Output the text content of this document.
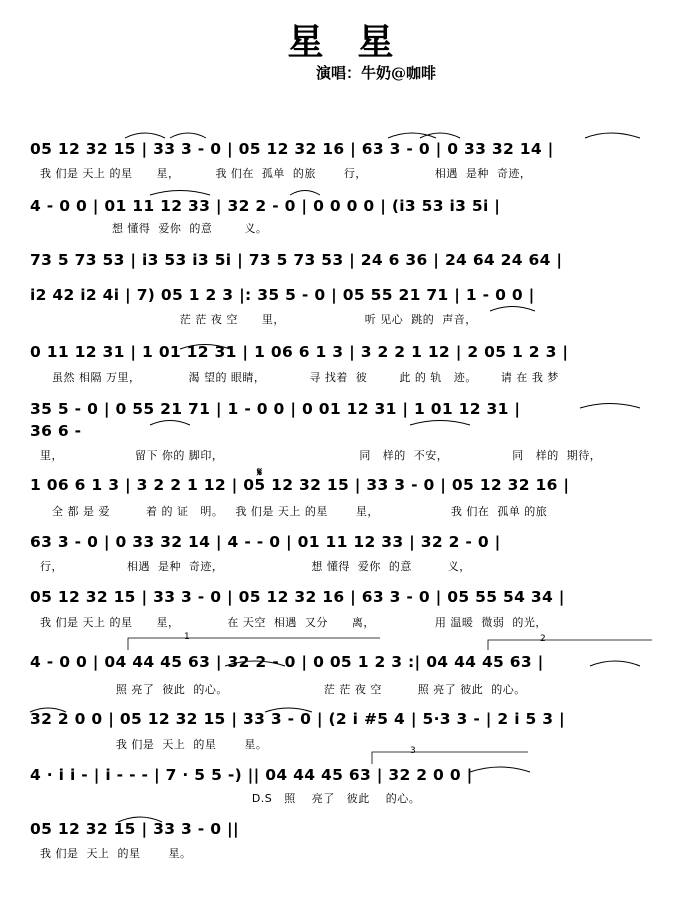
星 星
演唱：牛奶@咖啡
05 12 32 15 | 33 3 - 0 | 05 12 32 16 | 63 3 - 0 | 0 33 32 14 |
我 们是 天上 的星      星，         我 们在  孤单  的旅       行，                 相遇  是种  奇迹，
4 - 0 0 | 01 11 12 33 | 32 2 - 0 | 0 0 0 0 | (i3 53 i3 5i |
想 懂得  爱你  的意        义。
73 5 73 53 | i3 53 i3 5i | 73 5 73 53 | 24 6 36 | 24 64 24 64 |
i2 42 i2 4i | 7) 05 1 2 3 |: 35 5 - 0 | 05 55 21 71 | 1 - 0 0 |
茫 茫 夜 空      里，                    听 见心  跳的  声音，
0 11 12 31 | 1 01 12 31 | 1 06 6 1 3 | 3 2 2 1 12 | 2 05 1 2 3 |
虽然 相隔 万里，            渴 望的 眼睛，           寻 找着  彼        此 的 轨   迹。      请 在 我 梦
35 5 - 0 | 0 55 21 71 | 1 - 0 0 | 0 01 12 31 | 1 01 12 31 |
36 6 -
里，                  留下 你的 脚印，                                  同   样的  不安，                同   样的  期待，
1 06 6 1 3 | 3 2 2 1 12 | 05 12 32 15 | 33 3 - 0 | 05 12 32 16 |
全 都 是 爱         着 的 证   明。   我 们是 天上 的星       星，                  我 们在  孤单 的旅
63 3 - 0 | 0 33 32 14 | 4 - - 0 | 01 11 12 33 | 32 2 - 0 |
行，                相遇  是种  奇迹，                      想 懂得  爱你  的意         义，
05 12 32 15 | 33 3 - 0 | 05 12 32 16 | 63 3 - 0 | 05 55 54 34 |
我 们是 天上 的星      星，            在 天空  相遇  又分      离，               用 温暖  微弱  的光，
4 - 0 0 | 04 44 45 63 | 32 2 - 0 | 0 05 1 2 3 :| 04 44 45 63 |
照 亮了  彼此  的心。                        茫 茫 夜 空         照 亮了 彼此  的心。
32 2 0 0 | 05 12 32 15 | 33 3 - 0 | (2 i #5 4 | 5·3 3 - | 2 i 5 3 |
我 们是  天上  的星       星。
4 · i i - | i - - - | 7 · 5 5 -) || 04 44 45 63 | 32 2 0 0 |
D.S   照    亮了   彼此    的心。
05 12 32 15 | 33 3 - 0 ||
我 们是  天上  的星       星。
𝄋
1	2
3
